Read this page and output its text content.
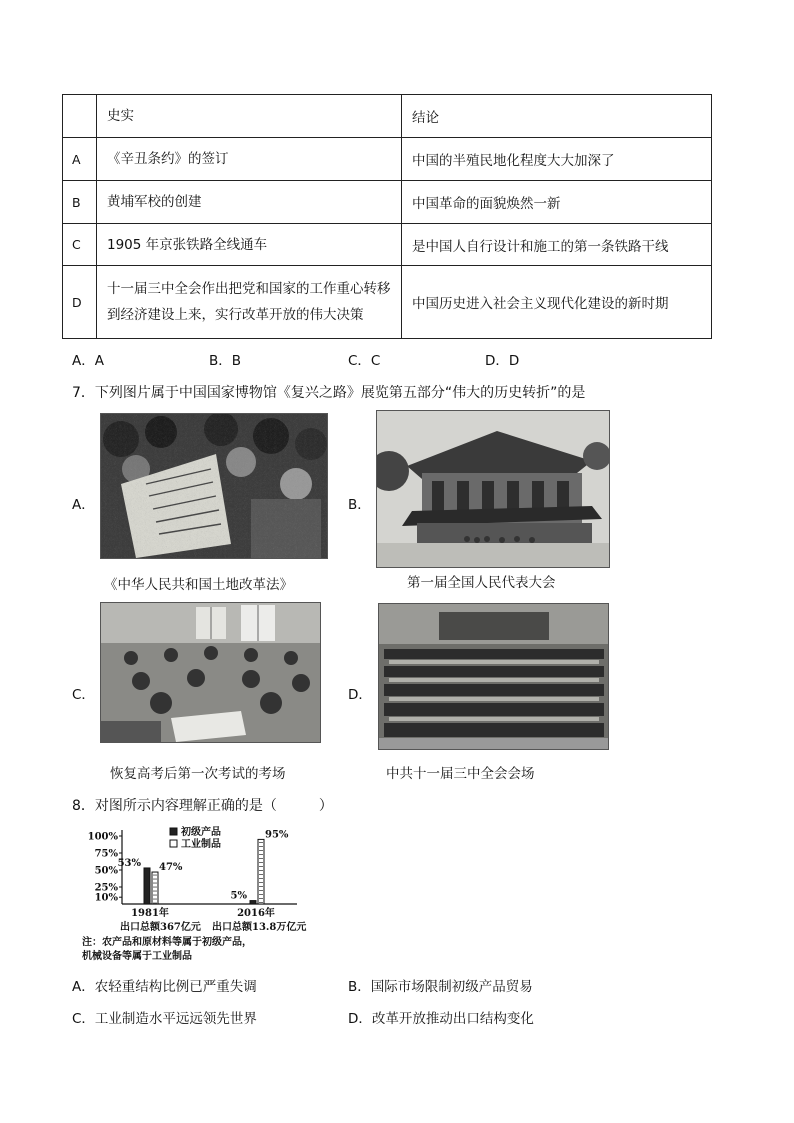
	史实	结论
A	《辛丑条约》的签订	中国的半殖民地化程度大大加深了
B	黄埔军校的创建	中国革命的面貌焕然一新
C	1905 年京张铁路全线通车	是中国人自行设计和施工的第一条铁路干线
D	十一届三中全会作出把党和国家的工作重心转移
到经济建设上来，实行改革开放的伟大决策	中国历史进入社会主义现代化建设的新时期
A．A	B．B	C．C	D．D
7．下列图片属于中国国家博物馆《复兴之路》展览第五部分“伟大的历史转折”的是
A．
《中华人民共和国土地改革法》
B．
第一届全国人民代表大会
C．
恢复高考后第一次考试的考场
D．
中共十一届三中全会会场
8．对图所示内容理解正确的是（　　　）
100%
75%
50%
25%
10%
53% 47%
1981年
5%
95%
2016年
初级产品
工业制品
出口总额367亿元 出口总额13.8万亿元
注：农产品和原材料等属于初级产品，
机械设备等属于工业制品
A．农轻重结构比例已严重失调	B．国际市场限制初级产品贸易
C．工业制造水平远远领先世界	D．改革开放推动出口结构变化
